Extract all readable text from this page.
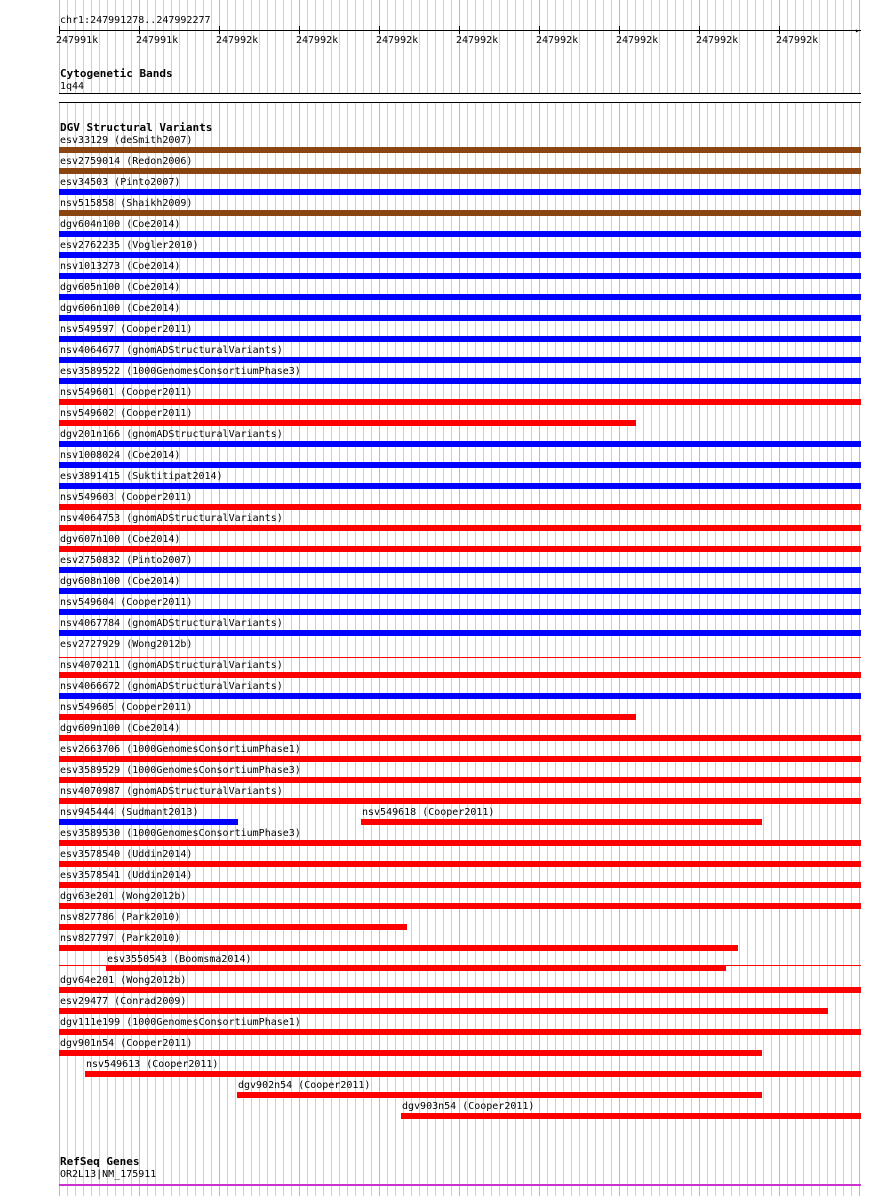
chr1:247991278..247992277
▸
247991k	247991k	247992k	247992k	247992k	247992k	247992k	247992k	247992k	247992k
Cytogenetic Bands
1q44
DGV Structural Variants
esv33129 (deSmith2007)
esv2759014 (Redon2006)
esv34503 (Pinto2007)
nsv515858 (Shaikh2009)
dgv604n100 (Coe2014)
esv2762235 (Vogler2010)
nsv1013273 (Coe2014)
dgv605n100 (Coe2014)
dgv606n100 (Coe2014)
nsv549597 (Cooper2011)
nsv4064677 (gnomADStructuralVariants)
esv3589522 (1000GenomesConsortiumPhase3)
nsv549601 (Cooper2011)
nsv549602 (Cooper2011)
dgv201n166 (gnomADStructuralVariants)
nsv1008024 (Coe2014)
esv3891415 (Suktitipat2014)
nsv549603 (Cooper2011)
nsv4064753 (gnomADStructuralVariants)
dgv607n100 (Coe2014)
esv2750832 (Pinto2007)
dgv608n100 (Coe2014)
nsv549604 (Cooper2011)
nsv4067784 (gnomADStructuralVariants)
esv2727929 (Wong2012b)
nsv4070211 (gnomADStructuralVariants)
nsv4066672 (gnomADStructuralVariants)
nsv549605 (Cooper2011)
dgv609n100 (Coe2014)
esv2663706 (1000GenomesConsortiumPhase1)
esv3589529 (1000GenomesConsortiumPhase3)
nsv4070987 (gnomADStructuralVariants)
nsv945444 (Sudmant2013)	nsv549618 (Cooper2011)
esv3589530 (1000GenomesConsortiumPhase3)
esv3578540 (Uddin2014)
esv3578541 (Uddin2014)
dgv63e201 (Wong2012b)
nsv827786 (Park2010)
nsv827797 (Park2010)
esv3550543 (Boomsma2014)
dgv64e201 (Wong2012b)
esv29477 (Conrad2009)
dgv111e199 (1000GenomesConsortiumPhase1)
dgv901n54 (Cooper2011)
nsv549613 (Cooper2011)
dgv902n54 (Cooper2011)
dgv903n54 (Cooper2011)
RefSeq Genes
OR2L13|NM_175911
